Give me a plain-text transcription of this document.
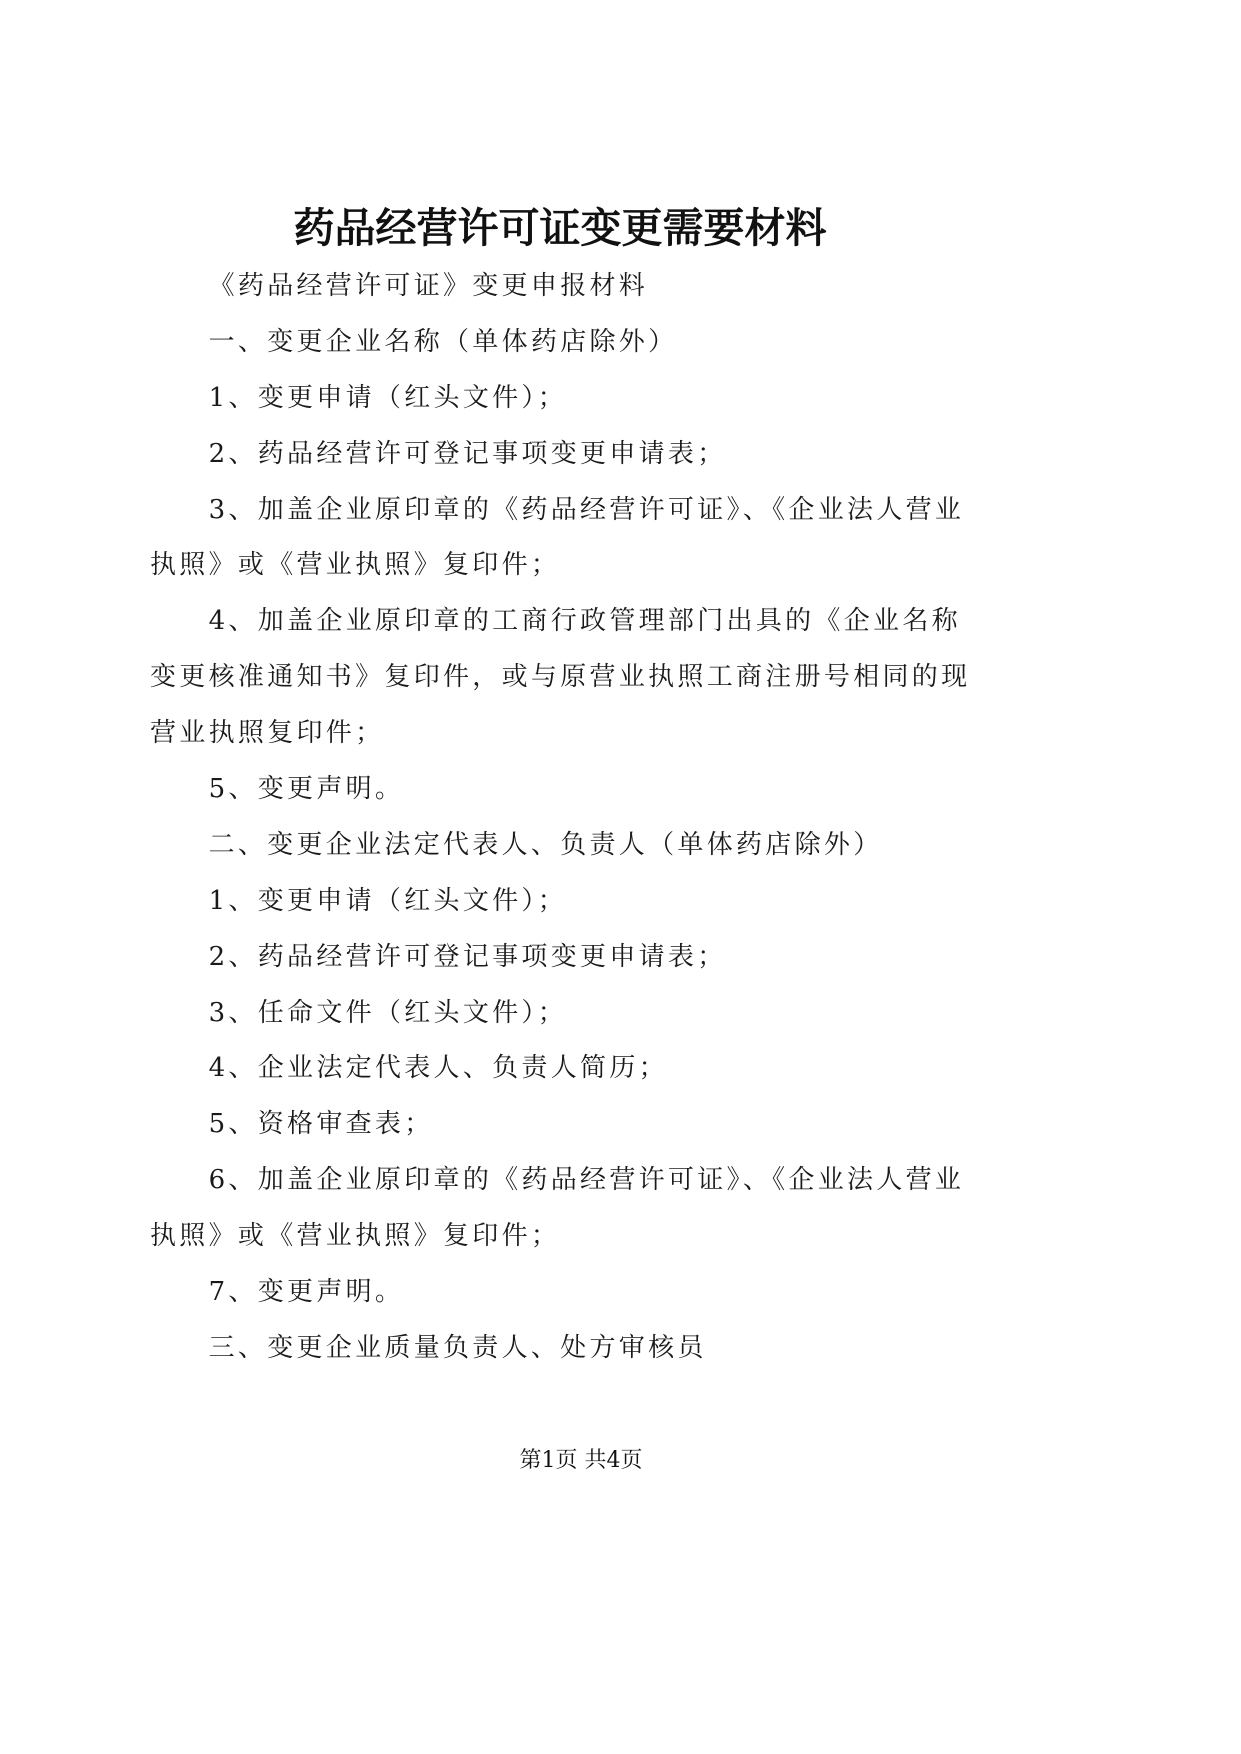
药品经营许可证变更需要材料
《药品经营许可证》变更申报材料
一、变更企业名称（单体药店除外）
1、变更申请（红头文件）；
2、药品经营许可登记事项变更申请表；
3、加盖企业原印章的《药品经营许可证》、《企业法人营业
执照》或《营业执照》复印件；
4、加盖企业原印章的工商行政管理部门出具的《企业名称
变更核准通知书》复印件，或与原营业执照工商注册号相同的现
营业执照复印件；
5、变更声明。
二、变更企业法定代表人、负责人（单体药店除外）
1、变更申请（红头文件）；
2、药品经营许可登记事项变更申请表；
3、任命文件（红头文件）；
4、企业法定代表人、负责人简历；
5、资格审查表；
6、加盖企业原印章的《药品经营许可证》、《企业法人营业
执照》或《营业执照》复印件；
7、变更声明。
三、变更企业质量负责人、处方审核员
第1页 共4页
